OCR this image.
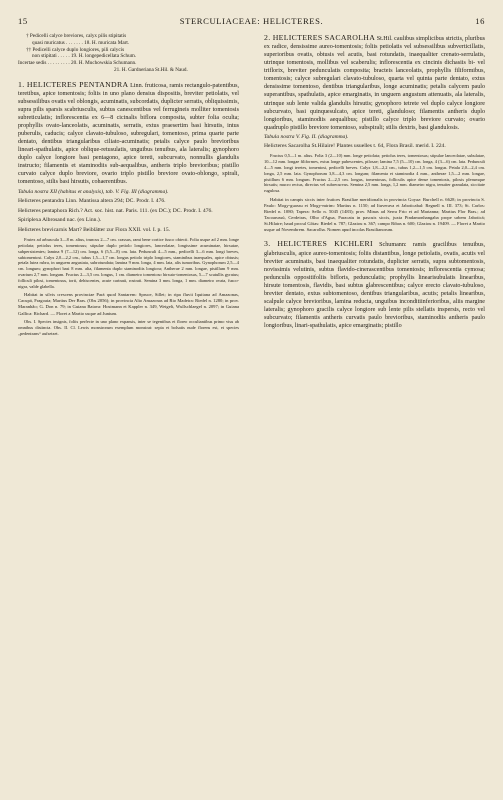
15	STERCULIACEAE: HELICTERES.	16
† Pedicelli calyce breviores, calyx pilis stipitatis
quasi muricatus . . . . . . . 18. H. muricata Mart.
†† Pedicelli calyce duplo longiores, pili calycis
non stipitati . . . . . 19. H. longepedicellata Schum.
Incertae sedis . . . . . . . . . 20. H. Muchowskia Schumann.
21. H. Gardneriana St.Hil. & Naud.

1. HELICTERES PENTANDRA Linn. fruticosa, ramis rectangulo-patentibus, teretibus, apice tomentosis; foliis in uno plano densius dispositis, breviter petiolatis, vel subsessilibus ovatis vel oblongis, acuminatis, subcordatis, duplicter serratis, obliquissimis, supra pilis sparsis scabriusculis, subtus canescentibus vel ferrugineis molliter tomentosis subreticulatis; inflorescentia ex 6—8 cicinalis biflora composita, subter folia oculta; prophyllis ovato-lanceolatis, acuminatis, serratis, extus praesertim basi hirsutis, intus puberulis, caducis; calyce clavato-tubuloso, subregulari, tomentoso, prima quarte parte dentato, dentibus triangularibus ciliato-acuminatis; petalis calyce paulo brevioribus lineari-spathulatis, apice oblique-retusulatis, unguibus tenuibus, ala lateralis; gynophoro duplo calyce longiore basi pentagono, apice tereti, subcurvato, nonnullis glandulis instructo; filamentis et staminodiis sub-aequalibus, antheris triplo brevioribus; pistillo curvato calyce duplo breviore, ovario triplo pistillo breviore ovato-oblongo, spirali, tomentoso, stilis basi hirsutis, cohaerentibus.

Tabula nostra XII (habitus et analysis), tab. V. Fig. III (diagramma).

Helicteres pentandra Linn. Mantissa altera 294; DC. Prodr. I. 476.

Helicteres pentaphora Rich.? Act. soc. hist. nat. Paris. 111. (ex DC.); DC. Prodr. I. 476.

Spiriplexa Albrosand nac. (ex Linn.).

Helicteres brevicarnis Mart? Beiblätter zur Flora XXII. vol. I. p. 15.

Frutex ad arbuscula 3—8 m. altus, truncus 2—7 cm. crassus, rami bene cortice fusco obtecti. Folia usque ad 2 mm. longe petiolata; petiolus teres, tomentosus; stipulae duplo petiolo longiores, lanceolatae, longissime acuminatae, hirsutae, subpersistentes; lamina 9 (7—12) cm. longa, 6 (5,5—8) cm. lata. Pedunculi 4—5 mm., pedicelli 3—6 mm. longi breves, subtomentosi. Calyx 2,0—2,2 cm., tubus 1,5—1,7 cm. longus petiolo triplo longiores, staminibus inaequales, apice obtusis; petala lutea rubra, in unguem angustata, subrotundata; lamina 9 mm. longa, 4 mm. lata, alis tumoribus. Gynophorum 2,5—4 cm. longum; gynophori basi 8 mm. alta, filamenta duplo staminodiis longiora; Antherae 2 mm. longae, pistillum 9 mm. ovarium 2,7 mm. longum. Fructus 2—3,5 cm. longus, 1 cm. diametro tomentoso hirsuto-tomentosus, 5—7 scutullis gyratus; folliculi pilosi, tomentosus, torti, dehiscentes, acute carinati, rostrati. Semina 3 mm. longa, 1 mm. diametro ovata, fusco-nigra, valde glabella.

Habitat in silvis crescens provinciae Pará quod Santarem: Spruce, Sillet; in ripa fluvii Iquitana ad Amazonas, Cacupá, Fragoaia; Martius Der Bras. (Obs 2056); in provincia Alto Amazonas ad Rio Madeira: Riedel n. 1280; in prov. Maranhão; G. Don n. 79; in Guiana Batava: Hostmann et Kappler n. 349, Weigelt, Wullschlaegel n. 2097; in Guiana Gallica: Richard. — Floret a Martio usque ad Junium.

Obs. I. Species insignis, foliis perfecte in uno plano expansis, inter se tegentibus et floreo occultantibus primo visu ab omnibus distincta. Obs. II. Cl. Lewis monstrorum exemplum monstrat: sepia et bolsatis nude florens est, et species „pedentrans“ aufsetzet.

2. HELICTERES SACAROLHA St.Hil. caulibus simplicibus strictis, pluribus ex radice, densissime aureo-tomentosis; foliis petiolatis vel subsessilibus subverticillatis, superioribus ovatis, obtusis vel acutis, basi rotundatis, inaequaliter crenato-serrulatis, utrinque tomentosis, mollibus vel scaberulis; inflorescentia ex cincinis dichasiis bi- vel triflorix, breviter pedunculatis composita; bracteis lanceolatis, prophyllis filiformibus, tomentosis; calyce subregulari clavato-tubuloso, quarta vel quinta parte dentato, extus densissime tomentoso, dentibus triangularibus, longe acuminatis; petalis calycem paulo superantibus, spathulatis, apice emarginatis, in unguem angustum attenuatis, ala lateralis, utrinque sub lente valida glandulis hirsutis; gynophoro tetrete vel duplo calyce longiore subcurvato, basi quinquesulcato, apice tereti, glanduloso; filamentis antheris duplo longioribus, staminodiis aequalibus; pistillo calyce triplo breviore curvato; ovario quadruplo pistillo breviore tomentoso, subspirali; stilis dextris, basi glandulosis.

Tabula nostra V. Fig. II. (diagramma).

Helicteres Sacarolha St.Hilaire! Plantes usuelles t. 64, Flora Brasil. merid. I. 224.

Fructus 0,5—1 m. altus. Folia 3 (2—10) mm. longe petiolata; petiolus teres, tomentosus; stipulae lanceolatae, subulatae, 10—12 mm. longae filiformes, extus longe pubescentes, pilosae; lamina 7,5 (5—10) cm. longa, 4 (3—6) cm. lata. Pedunculi 4—5 mm. longi teretes, tomentosi, pedicelli breves. Calyx 1,8—2,2 cm., tubus 1,2—1,5 cm. longus. Petala 2,0—2,4 cm. longa, 2,5 mm. lata. Gynophorum 3,8—4,3 cm. longum; filamenta et staminodia 4 mm., antherae 1,5—2 mm. longae, pistillum 6 mm. longum. Fructus 2—2,5 cm. longus, tomentosus, folliculis apice dense tomentosis, pilosis plerumque hirsutis; mucro rectus, directus vel subrecurvus. Semina 2,5 mm. longa, 1,2 mm. diametro nigra, tenuiter granulata, siccitate rugulosa.

Habitat in campis siccis inter frutices Brasiliae meridionalis in provincia Goyaz: Burchell n. 6628; in provincia S. Paulo: Mogy-guassu et Mogy-mirim: Martius n. 1150; ad Ituverava et Jaboticabal: Regnell n. III. 373; St. Carlos: Riedel n. 1080; Tapera: Sello n. 5045 (1483); prov. Minas ad Serra Frio et ad Marianna; Martius Flor Bras.; ad Tacoarussú, Cerdeiras, Olho d'Agua, Paracatu in pascuis siccis, juxta Pindamonhangaba prope urbem Jaboticá; St.Hilaire; haud procul Gôias: Riedel n. 787; Glaziou n. 367; campo Ribas n. 600; Glaziou n. 19409. — Floret a Martio usque ad Novembrem. Sacarolha. Nomen apud incolas Brasilianorum.

3. HELICTERES KICHLERI Schumann: ramis gracilibus tenuibus, glabriusculis, apice aureo-tomentosis; foliis distantibus, longe petiolatis, ovatis, acutis vel breviter acuminatis, basi inaequaliter rotundatis, duplicter serratis, supra subtomentosis, novissimis velutinis, subtus flavido-cinerascentibus tomentosis; inflorescentia cymosa; pedunculis oppositifoliis bifloris, pedunculatis; prophyllis linearisubulatis linearibus, hirsute tomentosis, flavidis, basi subtus glabrescentibus; calyce erecto clavato-tubuloso, breviter dentato, extus subtomentoso, dentibus triangularibus, acutis; petalis linearibus, scalpule calyce brevioribus, lamina reducta, unguibus inconditiinferioribus, aliis margine lateralis; gynophoro gracilis calyce longiore sub lente pilis stellatis inspersis, recto vel subcurvato; filamentis antheris curvatis paulo brevioribus, staminodiis antheris paulo longioribus, linari-spathulatis, apice emarginatis; pistillo
